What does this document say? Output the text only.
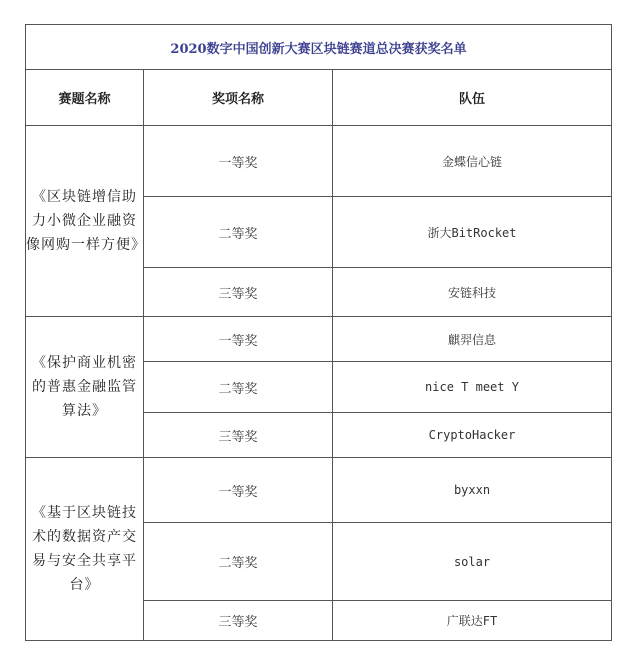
2020数字中国创新大赛区块链赛道总决赛获奖名单		
赛题名称	奖项名称	队伍
《区块链增信助力小微企业融资像网购一样方便》	一等奖	金蝶信心链
	二等奖	浙大BitRocket
	三等奖	安链科技
《保护商业机密的普惠金融监管算法》	一等奖	麒羿信息
	二等奖	nice T meet Y
	三等奖	CryptoHacker
《基于区块链技术的数据资产交易与安全共享平台》	一等奖	byxxn
	二等奖	solar
	三等奖	广联达FT
